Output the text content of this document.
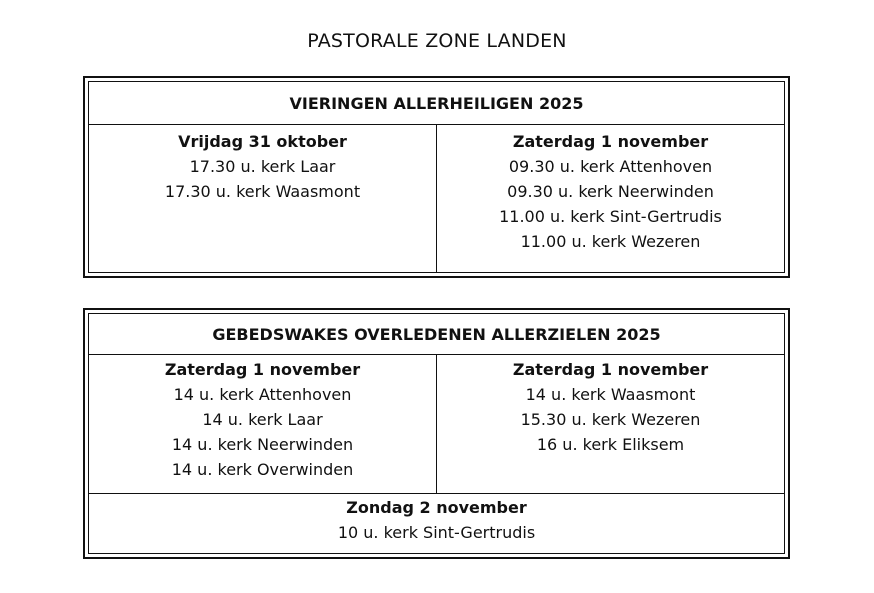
PASTORALE ZONE LANDEN
VIERINGEN ALLERHEILIGEN 2025
Vrijdag 31 oktober
17.30 u. kerk Laar
17.30 u. kerk Waasmont
Zaterdag 1 november
09.30 u. kerk Attenhoven
09.30 u. kerk Neerwinden
11.00 u. kerk Sint-Gertrudis
11.00 u. kerk Wezeren
GEBEDSWAKES OVERLEDENEN ALLERZIELEN 2025
Zaterdag 1 november
14 u. kerk Attenhoven
14 u. kerk Laar
14 u. kerk Neerwinden
14 u. kerk Overwinden
Zaterdag 1 november
14 u. kerk Waasmont
15.30 u. kerk Wezeren
16 u. kerk Eliksem
Zondag 2 november
10 u. kerk Sint-Gertrudis
